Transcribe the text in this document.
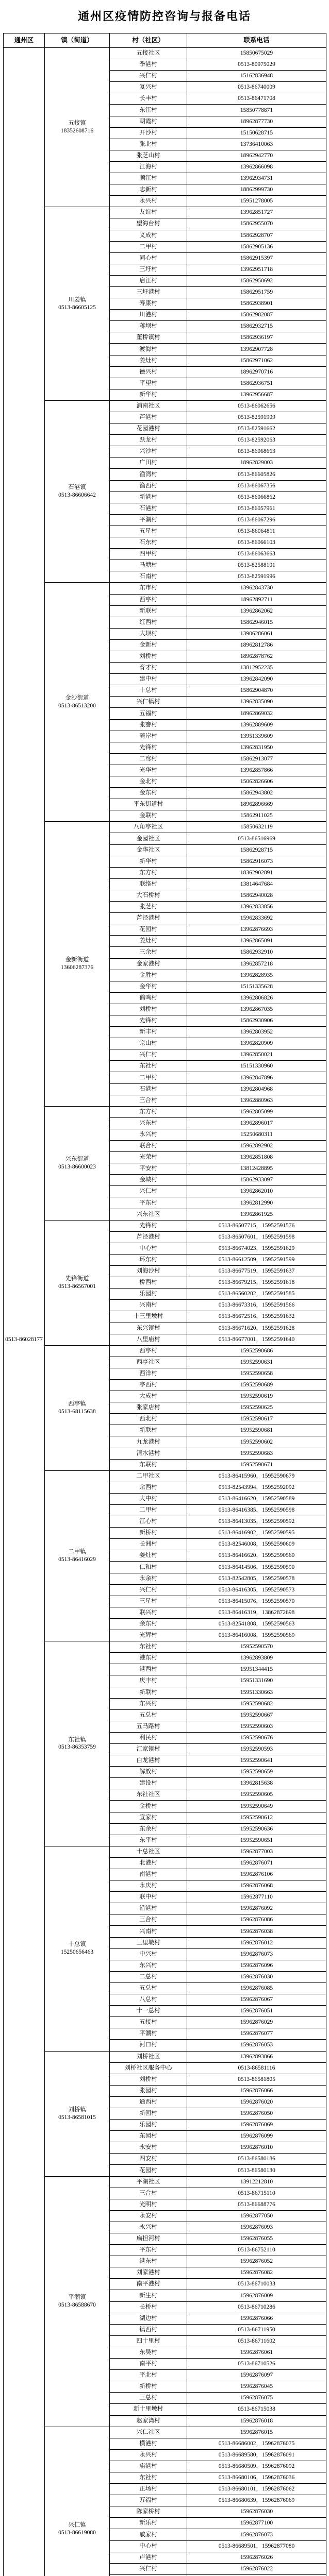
通州区疫情防控咨询与报备电话
通州区	镇（街道）	村（社区）	联系电话

0513-86028177	五接镇
18352608716	五接社区	15850675029
		季港村	0513-80975029
		兴仁村	15162836948
		复兴村	0513-86740009
		长丰村	0513-86471708
		东江村	15850778871
		朝霞村	18962877730
		开沙村	15150628715
		张北村	13736410063
		张芝山村	18962942770
		江海村	13962866098
		顺江村	13962934731
		志新村	18862999730
		永兴村	15951278005

	川姜镇
0513-86605125	友谊村	13962851727
		望海台村	15862955070
		义成村	15862928707
		二甲村	15862905136
		同心村	15862915397
		三圩村	13962951718
		启江村	15862950692
		三圩港村	15862951759
		寿康村	15862938901
		川港村	15862982087
		蒋坝村	15862932715
		董桥镇村	15862936197
		渡海村	13962907728
		姜灶村	15862971062
		德兴村	18962970716
		平望村	15862936751
		新华村	13962956687

	石港镇
0513-86606642	浦南社区	0513-86062656
		芦港村	0513-82591909
		花园港村	0513-82591662
		跃龙村	0513-82592063
		兴沙村	0513-86068663
		广田村	18962829003
		渔湾村	0513-86605826
		渔西村	0513-86067356
		新港村	0513-86066862
		石港村	0513-86057961
		平潮村	0513-86067296
		五星村	0513-86064811
		石东村	0513-86066103
		四甲村	0513-86063663
		马塘村	0513-82588101
		石南村	0513-82591996

	金沙街道
0513-86513200	东市村	13962843730
		西亭村	18962892711
		新联村	13962862062
		红西村	15862946015
		大坝村	13906286061
		金新村	18962812786
		刘桥村	18962878762
		育才村	13812952235
		建中村	13962842090
		十总村	15862904870
		兴仁镇村	13962835090
		五福村	18962869032
		张謇村	13962889609
		骑岸村	13951339609
		先锋村	13962831950
		二窎村	15862913077
		光华村	13962857866
		金北村	15062826606
		金东村	15862943802
		平东街道村	18962896669
		金联村	15862911025

	金新街道
13606287376	八角亭社区	15850632119
		金园社区	0513-86516969
		金华社区	15862928715
		新华村	15862916073
		东方村	18362902891
		联络村	13814647684
		大石桥村	15862940028
		张芝村	13962833856
		芦泾港村	15962833692
		花园村	13962876693
		姜灶村	13962865091
		三余村	15862932910
		金家港村	13962857218
		金胜村	13962828935
		金华村	15151335628
		鹤鸣村	13962806826
		刘桥村	13962867035
		先锋村	15862930906
		新丰村	13962803952
		宗山村	13962820909
		兴仁村	13962850021
		东社村	15151330960
		二甲村	13962847896
		石港村	13962804968
		三合村	13962880963

	兴东街道
0513-86600023	东方村	15962805099
		兴东村	13962896017
		永兴村	15250680311
		联合村	15962892902
		光荣村	13962851808
		平安村	13812428895
		金城村	15862933097
		兴仁村	13962862010
		平东村	13962812990
		兴东社区	13962861925

	先锋街道
0513-86567001	先锋村	0513-86507715，15952591576
		芦泾港村	0513-86507601，15952591598
		中心村	0513-86674023，15952591629
		环东村	0513-86612509，15952591599
		刘海沙村	0513-86677519，15952591637
		桥西村	0513-86679215，15952591618
		乐园村	0513-86560202，15952591585
		兴南村	0513-86673316，15952591566
		十三里墩村	0513-86672516，15952591632
		东兴镇村	0513-86671620，15952591628
		八里庙村	0513-86677001，15952591640

	西亭镇
0513-68115638	西亭村	15952590686
		西亭社区	15952590631
		西洋村	15952590658
		亭西村	15952590689
		大成村	15952590619
		张家店村	15952590625
		西北村	15952590617
		新联村	15952590681
		九龙港村	15952590602
		清水港村	15952590683
		东联村	15952590671

	二甲镇
0513-86416029	二甲社区	0513-86415960，15952590679
		余西村	0513-82543994，15952592092
		大中村	0513-86416620，15952590589
		二甲村	0513-86416385，15952590598
		江心村	0513-86413035，15952590592
		新桥村	0513-86416902，15952590595
		长洲村	0513-82546008，15952590609
		姜灶村	0513-86416620，15952590560
		仁和村	0513-86414506，15952590590
		永余村	0513-82542805，15952590578
		兴仁村	0513-86416305，15952590573
		三星村	0513-86415076，15952590570
		联兴村	0513-86416319，13862872698
		余东村	0513-82541808，15952590563
		光辉村	0513-86416008，15952590569

	东社镇
0513-86353759	东社村	15952590570
		港东村	13962893809
		港西村	15951344415
		庆丰村	15951331690
		新联村	15951330663
		东兴村	15952590682
		五总村	15952590667
		五马路村	15952590603
		利民村	15952590676
		江家镇村	15952590593
		白龙港村	15952590641
		解放村	15952590659
		建设村	13962815638
		东社社区	15952590605
		金桥村	15952590649
		宣家村	15952590612
		东余村	15952590636
		东平村	15952590651

	十总镇
15250656463	十总社区	15962877003
		北港村	15962876071
		南港村	15962876106
		永庆村	15962876068
		联中村	15962877110
		沿港村	15962876092
		三合村	15962876086
		兴南村	15962876038
		三里墩村	15962876012
		中兴村	15962876073
		东兴村	15962876096
		二总村	15962876030
		五总村	15962876085
		八总村	15962876067
		十一总村	15962876051
		五接村	15962876029
		平潮村	15962876077
		河口村	15962876053

	刘桥镇
0513-86581015	刘桥社区	13962893866
		刘桥社区服务中心	0513-86581116
		刘桥村	0513-86581805
		张园村	15962876066
		通西村	15962876020
		新园村	15962876050
		乐园村	15962876069
		东园村	15962876099
		永安村	15962876010
		四安村	0513-86580186
		花园村	0513-86580130

	平潮镇
0513-86588670	平潮社区	13912212810
		三合村	0513-86715110
		光明村	0513-86688776
		永安村	15962877050
		永兴村	15962876093
		扁担河村	15962876055
		平东村	0513-86752110
		港东村	15962876052
		刘家港村	15962876082
		南平港村	0513-86710033
		新生村	15962876009
		长桥村	0513-86710286
		湖边村	15962876066
		镇西村	0513-86711950
		四十里村	0513-86711602
		东吴村	15962876061
		南平村	0513-86710526
		平北村	15962876097
		新桥村	15962876045
		三总村	15962876075
		新十里墩村	0513-86715038
		赵家湾村	15962876018

	兴仁镇
0513-86619080	兴仁社区	15962876015
		横港村	0513-86686002，15962876075
		永兴村	0513-86689580，15962876091
		庙港村	0513-86680509，15962876092
		东社村	0513-86680106，15962876036
		正场村	0513-86680101，15962876062
		万福村	0513-86680639，15962876069
		陈家桥村	15962876030
		新乐村	15962877100
		戚家村	15962876073
		中心村	0513-86689501，15962877080
		卢港村	15962876026
		兴仁村	15962876022
